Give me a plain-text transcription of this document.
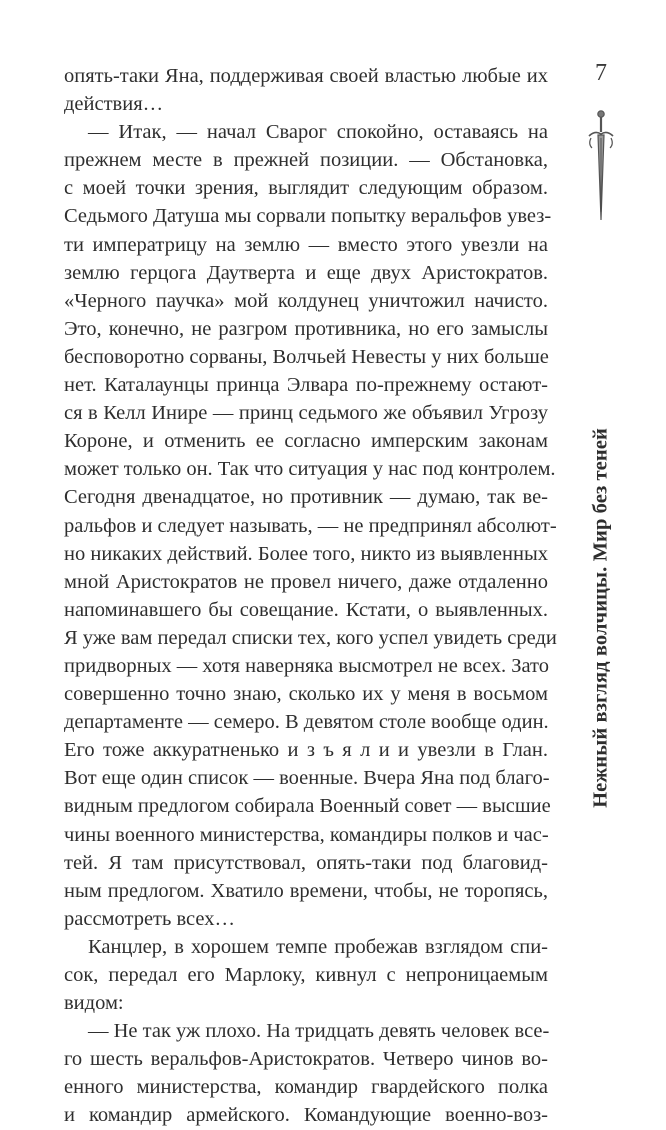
опять-таки Яна, поддерживая своей властью любые их
действия…
— Итак, — начал Сварог спокойно, оставаясь на
прежнем месте в прежней позиции. — Обстановка,
с моей точки зрения, выглядит следующим образом.
Седьмого Датуша мы сорвали попытку веральфов увез-
ти императрицу на землю — вместо этого увезли на
землю герцога Даутверта и еще двух Аристократов.
«Черного паучка» мой колдунец уничтожил начисто.
Это, конечно, не разгром противника, но его замыслы
бесповоротно сорваны, Волчьей Невесты у них больше
нет. Каталаунцы принца Элвара по-прежнему остают-
ся в Келл Инире — принц седьмого же объявил Угрозу
Короне, и отменить ее согласно имперским законам
может только он. Так что ситуация у нас под контролем.
Сегодня двенадцатое, но противник — думаю, так ве-
ральфов и следует называть, — не предпринял абсолют-
но никаких действий. Более того, никто из выявленных
мной Аристократов не провел ничего, даже отдаленно
напоминавшего бы совещание. Кстати, о выявленных.
Я уже вам передал списки тех, кого успел увидеть среди
придворных — хотя наверняка высмотрел не всех. Зато
совершенно точно знаю, сколько их у меня в восьмом
департаменте — семеро. В девятом столе вообще один.
Его тоже аккуратненько и з ъ я л и и увезли в Глан.
Вот еще один список — военные. Вчера Яна под благо-
видным предлогом собирала Военный совет — высшие
чины военного министерства, командиры полков и час-
тей. Я там присутствовал, опять-таки под благовид-
ным предлогом. Хватило времени, чтобы, не торопясь,
рассмотреть всех…
Канцлер, в хорошем темпе пробежав взглядом спи-
сок, передал его Марлоку, кивнул с непроницаемым
видом:
— Не так уж плохо. На тридцать девять человек все-
го шесть веральфов-Аристократов. Четверо чинов во-
енного министерства, командир гвардейского полка
и командир армейского. Командующие военно-воз-
7
Нежный взгляд волчицы. Мир без теней
